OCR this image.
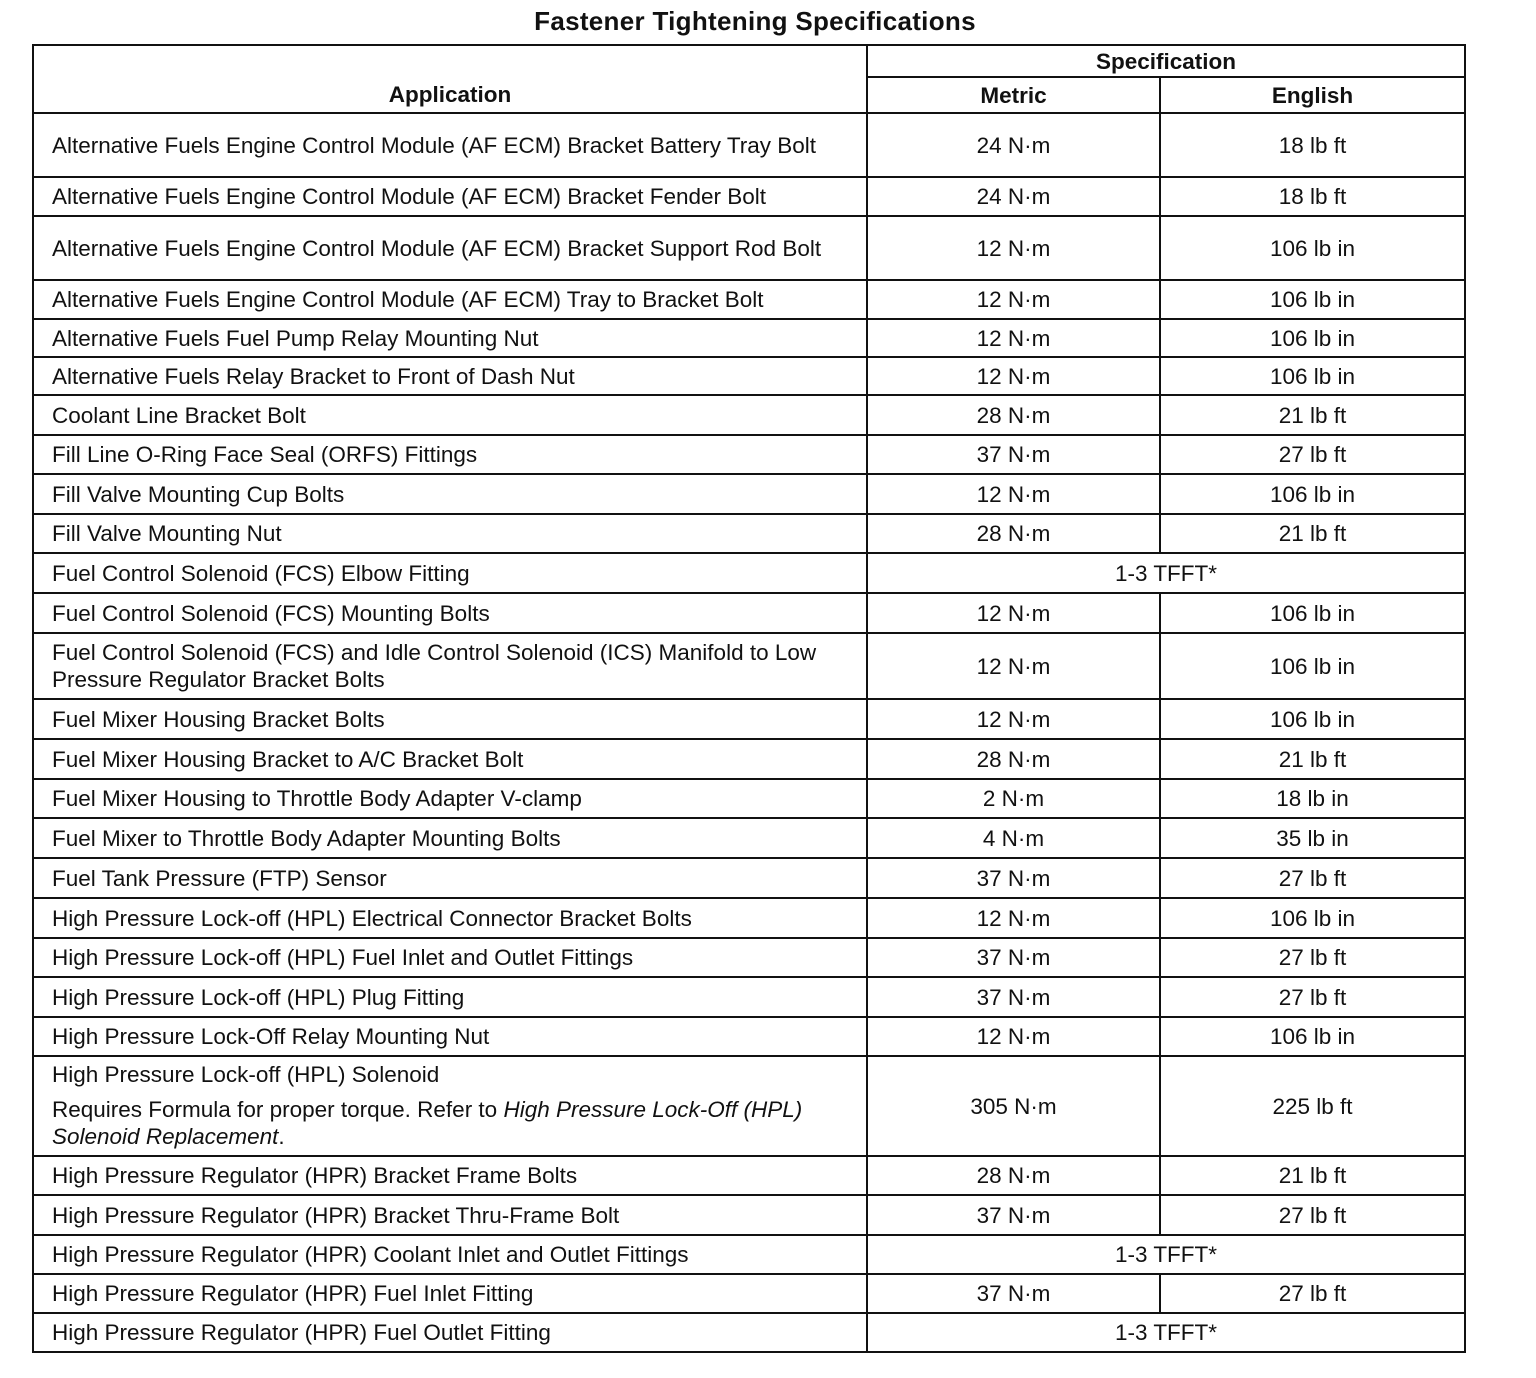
Fastener Tightening Specifications
Application	Specification	
	Metric	English
Alternative Fuels Engine Control Module (AF ECM) Bracket Battery Tray Bolt	24 N·m	18 lb ft
Alternative Fuels Engine Control Module (AF ECM) Bracket Fender Bolt	24 N·m	18 lb ft
Alternative Fuels Engine Control Module (AF ECM) Bracket Support Rod Bolt	12 N·m	106 lb in
Alternative Fuels Engine Control Module (AF ECM) Tray to Bracket Bolt	12 N·m	106 lb in
Alternative Fuels Fuel Pump Relay Mounting Nut	12 N·m	106 lb in
Alternative Fuels Relay Bracket to Front of Dash Nut	12 N·m	106 lb in
Coolant Line Bracket Bolt	28 N·m	21 lb ft
Fill Line O-Ring Face Seal (ORFS) Fittings	37 N·m	27 lb ft
Fill Valve Mounting Cup Bolts	12 N·m	106 lb in
Fill Valve Mounting Nut	28 N·m	21 lb ft
Fuel Control Solenoid (FCS) Elbow Fitting	1-3 TFFT*	
Fuel Control Solenoid (FCS) Mounting Bolts	12 N·m	106 lb in
Fuel Control Solenoid (FCS) and Idle Control Solenoid (ICS) Manifold to Low Pressure Regulator Bracket Bolts	12 N·m	106 lb in
Fuel Mixer Housing Bracket Bolts	12 N·m	106 lb in
Fuel Mixer Housing Bracket to A/C Bracket Bolt	28 N·m	21 lb ft
Fuel Mixer Housing to Throttle Body Adapter V-clamp	2 N·m	18 lb in
Fuel Mixer to Throttle Body Adapter Mounting Bolts	4 N·m	35 lb in
Fuel Tank Pressure (FTP) Sensor	37 N·m	27 lb ft
High Pressure Lock-off (HPL) Electrical Connector Bracket Bolts	12 N·m	106 lb in
High Pressure Lock-off (HPL) Fuel Inlet and Outlet Fittings	37 N·m	27 lb ft
High Pressure Lock-off (HPL) Plug Fitting	37 N·m	27 lb ft
High Pressure Lock-Off Relay Mounting Nut	12 N·m	106 lb in
High Pressure Lock-off (HPL) Solenoid
Requires Formula for proper torque. Refer to High Pressure Lock-Off (HPL) Solenoid Replacement.	305 N·m	225 lb ft
High Pressure Regulator (HPR) Bracket Frame Bolts	28 N·m	21 lb ft
High Pressure Regulator (HPR) Bracket Thru-Frame Bolt	37 N·m	27 lb ft
High Pressure Regulator (HPR) Coolant Inlet and Outlet Fittings	1-3 TFFT*	
High Pressure Regulator (HPR) Fuel Inlet Fitting	37 N·m	27 lb ft
High Pressure Regulator (HPR) Fuel Outlet Fitting	1-3 TFFT*	
